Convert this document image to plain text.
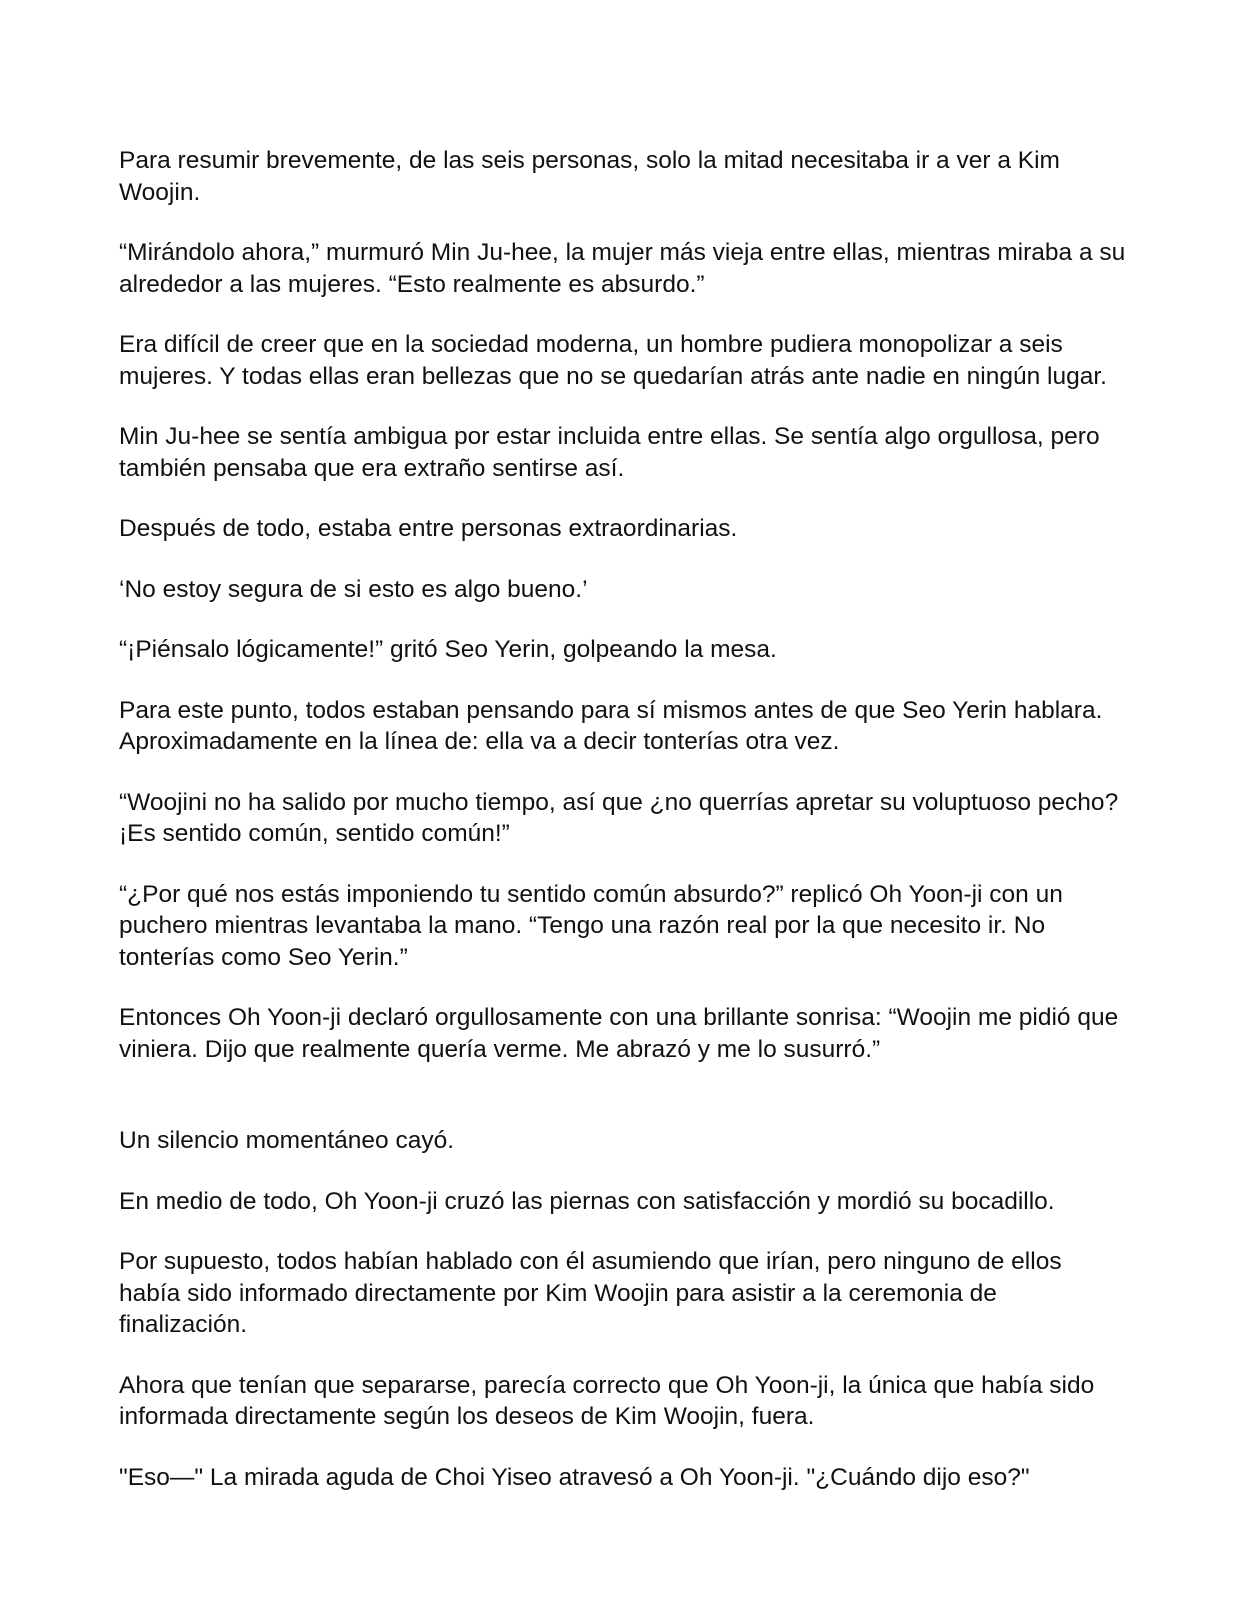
Para resumir brevemente, de las seis personas, solo la mitad necesitaba ir a ver a Kim Woojin.

“Mirándolo ahora,” murmuró Min Ju-hee, la mujer más vieja entre ellas, mientras miraba a su alrededor a las mujeres. “Esto realmente es absurdo.”

Era difícil de creer que en la sociedad moderna, un hombre pudiera monopolizar a seis mujeres. Y todas ellas eran bellezas que no se quedarían atrás ante nadie en ningún lugar.

Min Ju-hee se sentía ambigua por estar incluida entre ellas. Se sentía algo orgullosa, pero también pensaba que era extraño sentirse así.

Después de todo, estaba entre personas extraordinarias.

‘No estoy segura de si esto es algo bueno.’

“¡Piénsalo lógicamente!” gritó Seo Yerin, golpeando la mesa.

Para este punto, todos estaban pensando para sí mismos antes de que Seo Yerin hablara. Aproximadamente en la línea de: ella va a decir tonterías otra vez.

“Woojini no ha salido por mucho tiempo, así que ¿no querrías apretar su voluptuoso pecho? ¡Es sentido común, sentido común!”

“¿Por qué nos estás imponiendo tu sentido común absurdo?” replicó Oh Yoon-ji con un puchero mientras levantaba la mano. “Tengo una razón real por la que necesito ir. No tonterías como Seo Yerin.”

Entonces Oh Yoon-ji declaró orgullosamente con una brillante sonrisa: “Woojin me pidió que viniera. Dijo que realmente quería verme. Me abrazó y me lo susurró.”

Un silencio momentáneo cayó.

En medio de todo, Oh Yoon-ji cruzó las piernas con satisfacción y mordió su bocadillo.

Por supuesto, todos habían hablado con él asumiendo que irían, pero ninguno de ellos había sido informado directamente por Kim Woojin para asistir a la ceremonia de finalización.

Ahora que tenían que separarse, parecía correcto que Oh Yoon-ji, la única que había sido informada directamente según los deseos de Kim Woojin, fuera.

"Eso—" La mirada aguda de Choi Yiseo atravesó a Oh Yoon-ji. "¿Cuándo dijo eso?"
